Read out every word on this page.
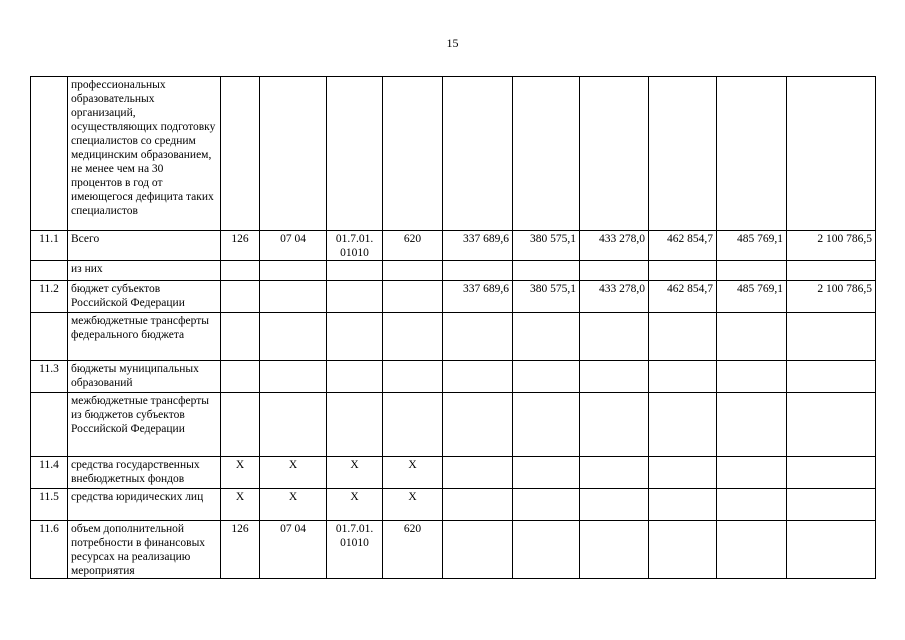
15
	профессиональных образовательных организаций, осуществляющих подготовку специалистов со средним медицинским образованием, не менее чем на 30 процентов в год от имеющегося дефицита таких специалистов										
11.1	Всего	126	07 04	01.7.01. 01010	620	337 689,6	380 575,1	433 278,0	462 854,7	485 769,1	2 100 786,5
	из них										
11.2	бюджет субъектов Российской Федерации					337 689,6	380 575,1	433 278,0	462 854,7	485 769,1	2 100 786,5
	межбюджетные трансферты федерального бюджета										
11.3	бюджеты муниципальных образований										
	межбюджетные трансферты из бюджетов субъектов Российской Федерации										
11.4	средства государственных внебюджетных фондов	Х	Х	Х	Х						
11.5	средства юридических лиц	Х	Х	Х	Х						
11.6	объем дополнительной потребности в финансовых ресурсах на реализацию мероприятия	126	07 04	01.7.01. 01010	620						
